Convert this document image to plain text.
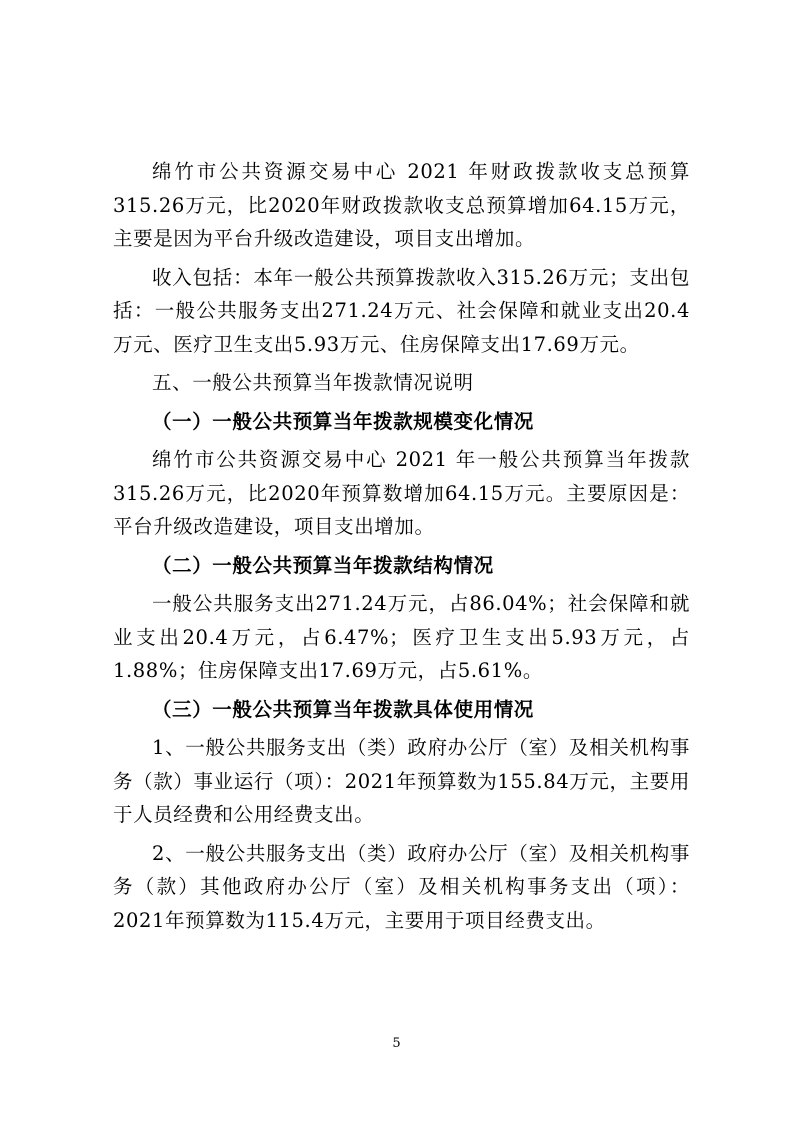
绵竹市公共资源交易中心 2021 年财政拨款收支总预算315.26万元，比2020年财政拨款收支总预算增加64.15万元，主要是因为平台升级改造建设，项目支出增加。

收入包括：本年一般公共预算拨款收入315.26万元；支出包括：一般公共服务支出271.24万元、社会保障和就业支出20.4万元、医疗卫生支出5.93万元、住房保障支出17.69万元。

五、一般公共预算当年拨款情况说明

（一）一般公共预算当年拨款规模变化情况

绵竹市公共资源交易中心 2021 年一般公共预算当年拨款315.26万元，比2020年预算数增加64.15万元。主要原因是：平台升级改造建设，项目支出增加。

（二）一般公共预算当年拨款结构情况

一般公共服务支出271.24万元，占86.04%；社会保障和就业支出20.4万元，占6.47%；医疗卫生支出5.93万元，占1.88%；住房保障支出17.69万元，占5.61%。

（三）一般公共预算当年拨款具体使用情况

1、一般公共服务支出（类）政府办公厅（室）及相关机构事务（款）事业运行（项）：2021年预算数为155.84万元，主要用于人员经费和公用经费支出。

2、一般公共服务支出（类）政府办公厅（室）及相关机构事务（款）其他政府办公厅（室）及相关机构事务支出（项）：2021年预算数为115.4万元，主要用于项目经费支出。

5
